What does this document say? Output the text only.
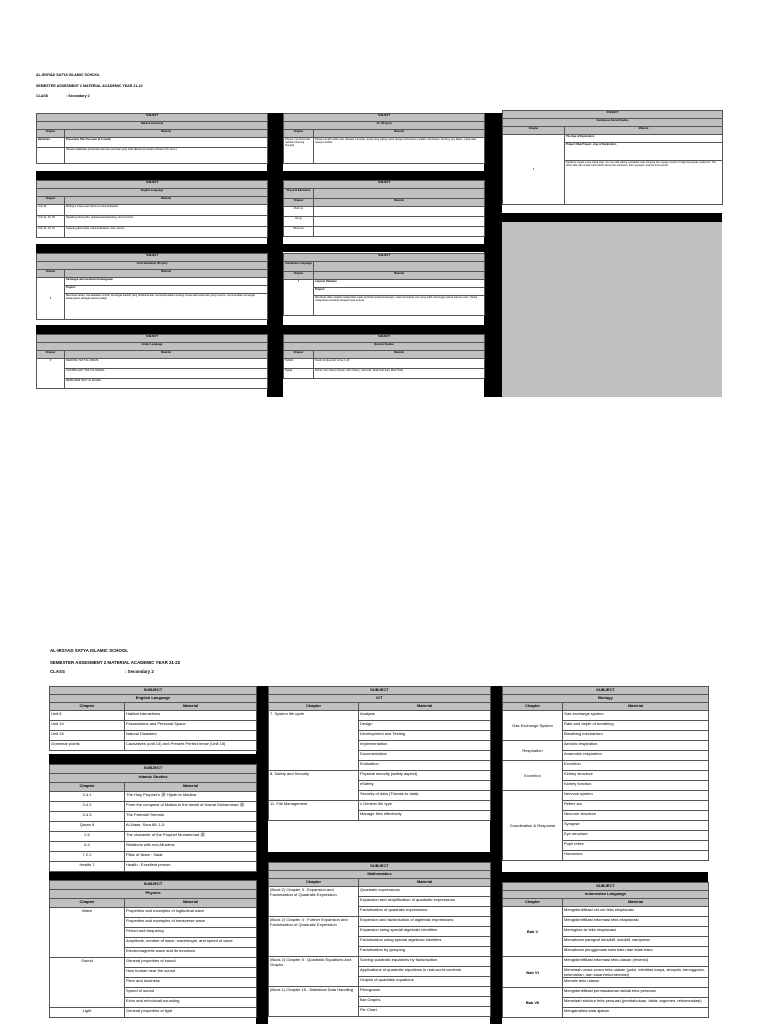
AL-IRSYAD SATYA ISLAMIC SCHOOL
SEMESTER ASSESMENT 2 MATERIAL ACADEMIC YEAR 21-22
CLASS	: Secondary 2
SUBJECT	
Bahasa Indonesia	
Chapter	Material
Berbicara	Presentasi Teks Persuasi (3-5 menit)
	(Siswa melakukan presentasi dari teks persuasi yang telah dibuatnya secara individu 3-5 menit.)
SUBJECT	
Art (Project)	
Chapter	Material
Proyek: membuat dan melukis (Sunting Tempel)	Siswa memilih salah satu diantara 3 lembar, siswa yang paling cocok dengan kebutuhan melukis. Hal bahan: Sunting, tips dalam, tusuk atau, maupun bebas.
SUBJECT	
Sundanese Social Studies	
Chapter	Material
II	The Age of Exploration
	Project: Map Project - Age of Exploration
	Students create a two-sided map. On one side will be a detailed map showing the voyage routes of major European explorers. The other side will contain information about the explorers, their voyages, and the time period.
SUBJECT	
English Language	
Chapter	Material
Unit 16	Writing a news report about a natural disaster
Unit 12, 16, 18	Speaking about jobs, releases/paraphrasing, and survivors
Unit 12, 15, 16	Listening about jobs, natural disasters, Film stories
SUBJECT	
Physical Education	
Chapter	Material
Push up	
Sit up	
Work-out	
SUBJECT	
Civic Education (Project)	
Chapter	Material
II	Semangat dan komitmen Kebangsaan
	Project:
	Membuat studio, mendekatkan contoh semangat kolektif yang dimaksud dan memperkenalkan tentang proses ada sebanyak yang mampu, memunculkan semangat kebangsaan sebagai sarana pelajar
SUBJECT	
Sundanese Language	
Chapter	Material
II	Laporan Pakeban
	Project:
	Membuat video singkat melaporkan suatu peristiwa (pawai keluarga), materi persiapan pun yang telah menunggu warna warna umum. Siswa melaporkan peristiwa dengan baca tuntuta
SUBJECT	
Arabic Language	
Chapter	Material
II	READING TEXT AL MANZIL
	VOCABULARY TEXT AL MANZIL
	MEMAHAMI TEXT AL MANZIL
SUBJECT	
Quranic Studies	
Chapter	Material
Tahfidz	Surah Al-Qiyamah Verse 1-40
Tajwid	Idzhar, Nun Sukun Tanwin, Mim Sukun, Ghunnah, Mad Ashli Fari, Mad Thabi
AL-IRSYAD SATYA ISLAMIC SCHOOL
SEMESTER ASSESMENT 2 MATERIAL ACADEMIC YEAR 21-22
CLASS	: Secondary 2
SUBJECT	
English Language	
Chapter	Material
Unit 8	Habitat interactions
Unit 14	Possessions and Personal Space
Unit 15	Natural Disasters
Grammar points	Causatives (unit 14) and Present Perfect tense (Unit 15)
SUBJECT	
Islamic Studies	
Chapter	Material
3.4.1	The Holy Prophet's ﷺ Hijrah to Madina
3.4.2	From the conquest of Makka to the death of Hazrat Muhammad ﷺ
3.4.3	The Farewell Sermon
Quran 9	Al-Naas, Sura 86: 1-5
2.5	The character of the Prophet Muhammad ﷺ
6.4	Relations with non-Muslims
7.2.2	Pillar of Islam : Salat
Health 7	Health : Excellent person
SUBJECT	
Physics	
Chapter	Material
Wave	Properties and examples of logitudinal wave
	Properties and examples of transverse wave
	Period and frequency
	Amplitude, number of wave, wavelength, and speed of wave
	Electromagnetic wave and its functions
Sound	General properties of sound
	How human hear the sound
	Pitch and loudness
	Speed of sound
	Echo and echolocalt sounding
Light	General properties of light
SUBJECT	
ICT	
Chapter	Material
7. System life cycle	Analysis
	Design
	Development and Testing
	Implementation
	Documentation
	Evaluation
8. Safety and Security	Physical security (safety aspect)
	eSafety
	Security of data (Threats to data)
11. File Management	x Generic file type
	Manage files effectively
SUBJECT	
Mathematics	
Chapter	Material
(Book 2) Chapter 3 : Expansion and Factorisation of Quadratic Expression	Quadratic expressions
	Expansion and simplification of quadratic expressions
	Factorisation of quadratic expressions
(Book 2) Chapter 4 : Further Expansion and Factorisation of Quadratic Expression	Expansion and factorisation of algebraic expressions
	Expansion using special algebraic identities
	Factorisation using special algebraic identities
	Factorisation by grouping
(Book 2) Chapter 5 : Quadratic Equations And Graphs	Solving quadratic equations by factorisation
	Applications of quadratic equations in real-world contexts
	Graphs of quadratic equations
(Book 1) Chapter 15 : Statistical Data Handling	Pictograms
	Bar Graphs
	Pie Chart
SUBJECT	
Biology	
Chapter	Material
Gas Exchange System	Gas exchange system
	Rate and depth of breathing
	Breathing mechanism
Respiration	Aerobic respiration
	Anaerobic respiration
Excretion	Excretion
	Kidney structure
	Kidney function
Coordination & Response	Nervous system
	Reflex arc
	Neurone structure
	Synapse
	Eye structure
	Pupil reflex
	Hormones
SUBJECT	
Indonesian Language	
Chapter	Material
Bab V	Mengidentifikasi ciri-ciri teks eksplanasi
	Mengidentifikasi informasi teks eksplanasi
	Meringkas isi teks eksplanasi
	Memahami paragraf deduktif, induktif, campuran
	Memahami penggunaan kata baku dan tidak baku
Bab VI	Mengidentifikasi informasi teks ulasan (resensi)
	Menelaah unsur-unsur teks ulasan (judul, identitas karya, sinopsis, keunggulan, kelemahan, dan saran/rekomendasi)
	Menulis teks ulasan
Bab VII	Mengidentifikasi permasalahan aktual teks persuasi
	Menelaah struktur teks persuasi (pendahuluan, fakta, argumen, rekomendasi)
	Menganalisis kata ajakan
